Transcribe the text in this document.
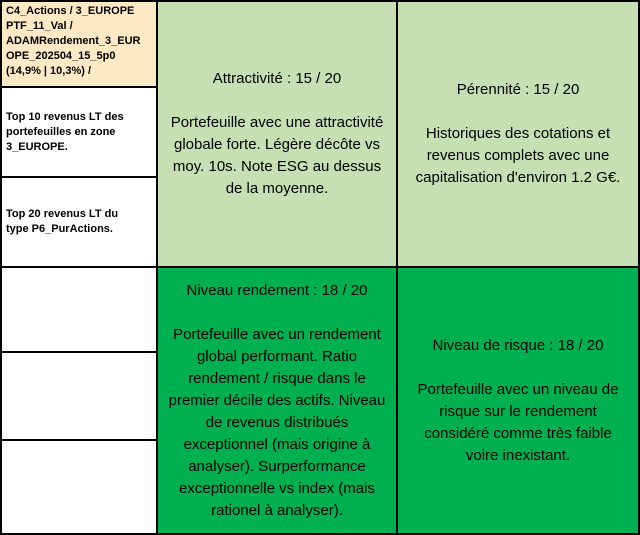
C4_Actions / 3_EUROPE
PTF_11_Val /
ADAMRendement_3_EUR
OPE_202504_15_5p0
(14,9% | 10,3%) /	Attractivité : 15 / 20
Portefeuille avec une attractivité
globale forte. Légère décôte vs
moy. 10s. Note ESG au dessus
de la moyenne.
Pérennité : 15 / 20
Historiques des cotations et
revenus complets avec une
capitalisation d'environ 1.2 G€.
Top 10 revenus LT des
portefeuilles en zone
3_EUROPE.
Top 20 revenus LT du
type P6_PurActions.
Niveau rendement : 18 / 20
Portefeuille avec un rendement
global performant. Ratio
rendement / risque dans le
premier décile des actifs. Niveau
de revenus distribués
exceptionnel (mais origine à
analyser). Surperformance
exceptionnelle vs index (mais
rationel à analyser).
Niveau de risque : 18 / 20
Portefeuille avec un niveau de
risque sur le rendement
considéré comme très faible
voire inexistant.
